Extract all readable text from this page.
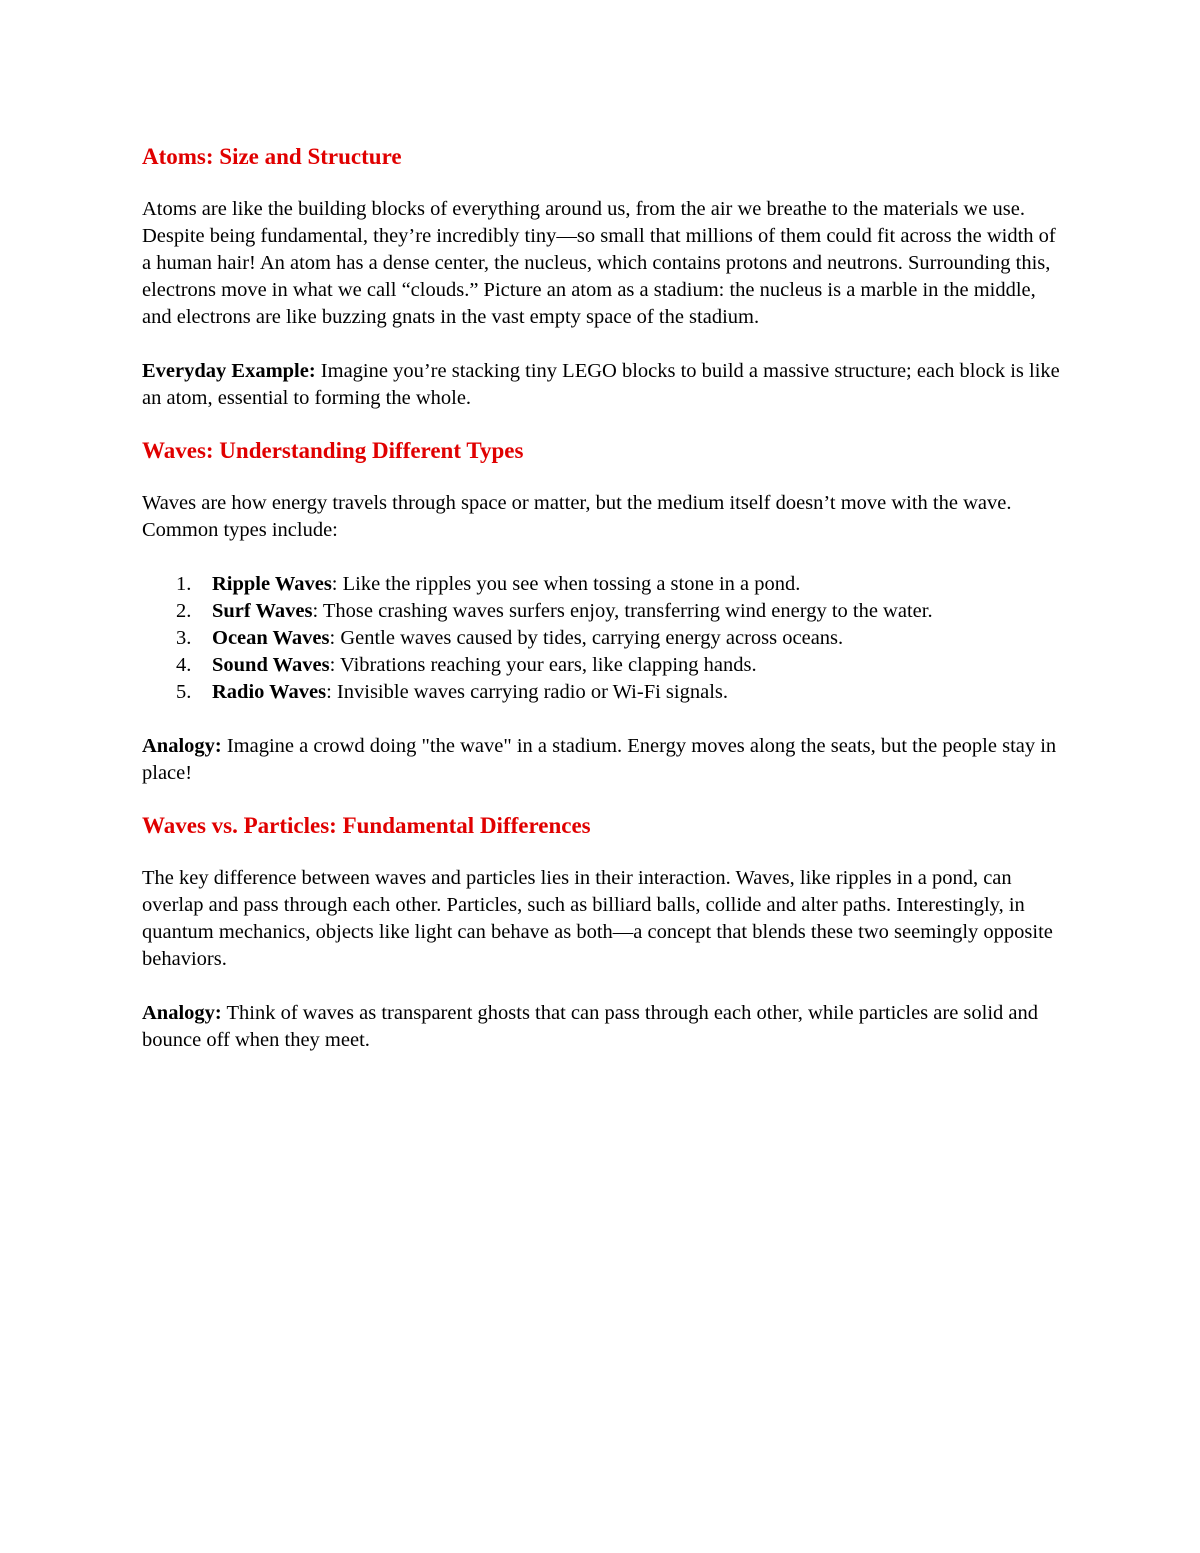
Atoms: Size and Structure

Atoms are like the building blocks of everything around us, from the air we breathe to the materials we use. Despite being fundamental, they’re incredibly tiny—so small that millions of them could fit across the width of a human hair! An atom has a dense center, the nucleus, which contains protons and neutrons. Surrounding this, electrons move in what we call “clouds.” Picture an atom as a stadium: the nucleus is a marble in the middle, and electrons are like buzzing gnats in the vast empty space of the stadium.

Everyday Example: Imagine you’re stacking tiny LEGO blocks to build a massive structure; each block is like an atom, essential to forming the whole.

Waves: Understanding Different Types

Waves are how energy travels through space or matter, but the medium itself doesn’t move with the wave. Common types include:

1. Ripple Waves: Like the ripples you see when tossing a stone in a pond.
2. Surf Waves: Those crashing waves surfers enjoy, transferring wind energy to the water.
3. Ocean Waves: Gentle waves caused by tides, carrying energy across oceans.
4. Sound Waves: Vibrations reaching your ears, like clapping hands.
5. Radio Waves: Invisible waves carrying radio or Wi-Fi signals.

Analogy: Imagine a crowd doing "the wave" in a stadium. Energy moves along the seats, but the people stay in place!

Waves vs. Particles: Fundamental Differences

The key difference between waves and particles lies in their interaction. Waves, like ripples in a pond, can overlap and pass through each other. Particles, such as billiard balls, collide and alter paths. Interestingly, in quantum mechanics, objects like light can behave as both—a concept that blends these two seemingly opposite behaviors.

Analogy: Think of waves as transparent ghosts that can pass through each other, while particles are solid and bounce off when they meet.
